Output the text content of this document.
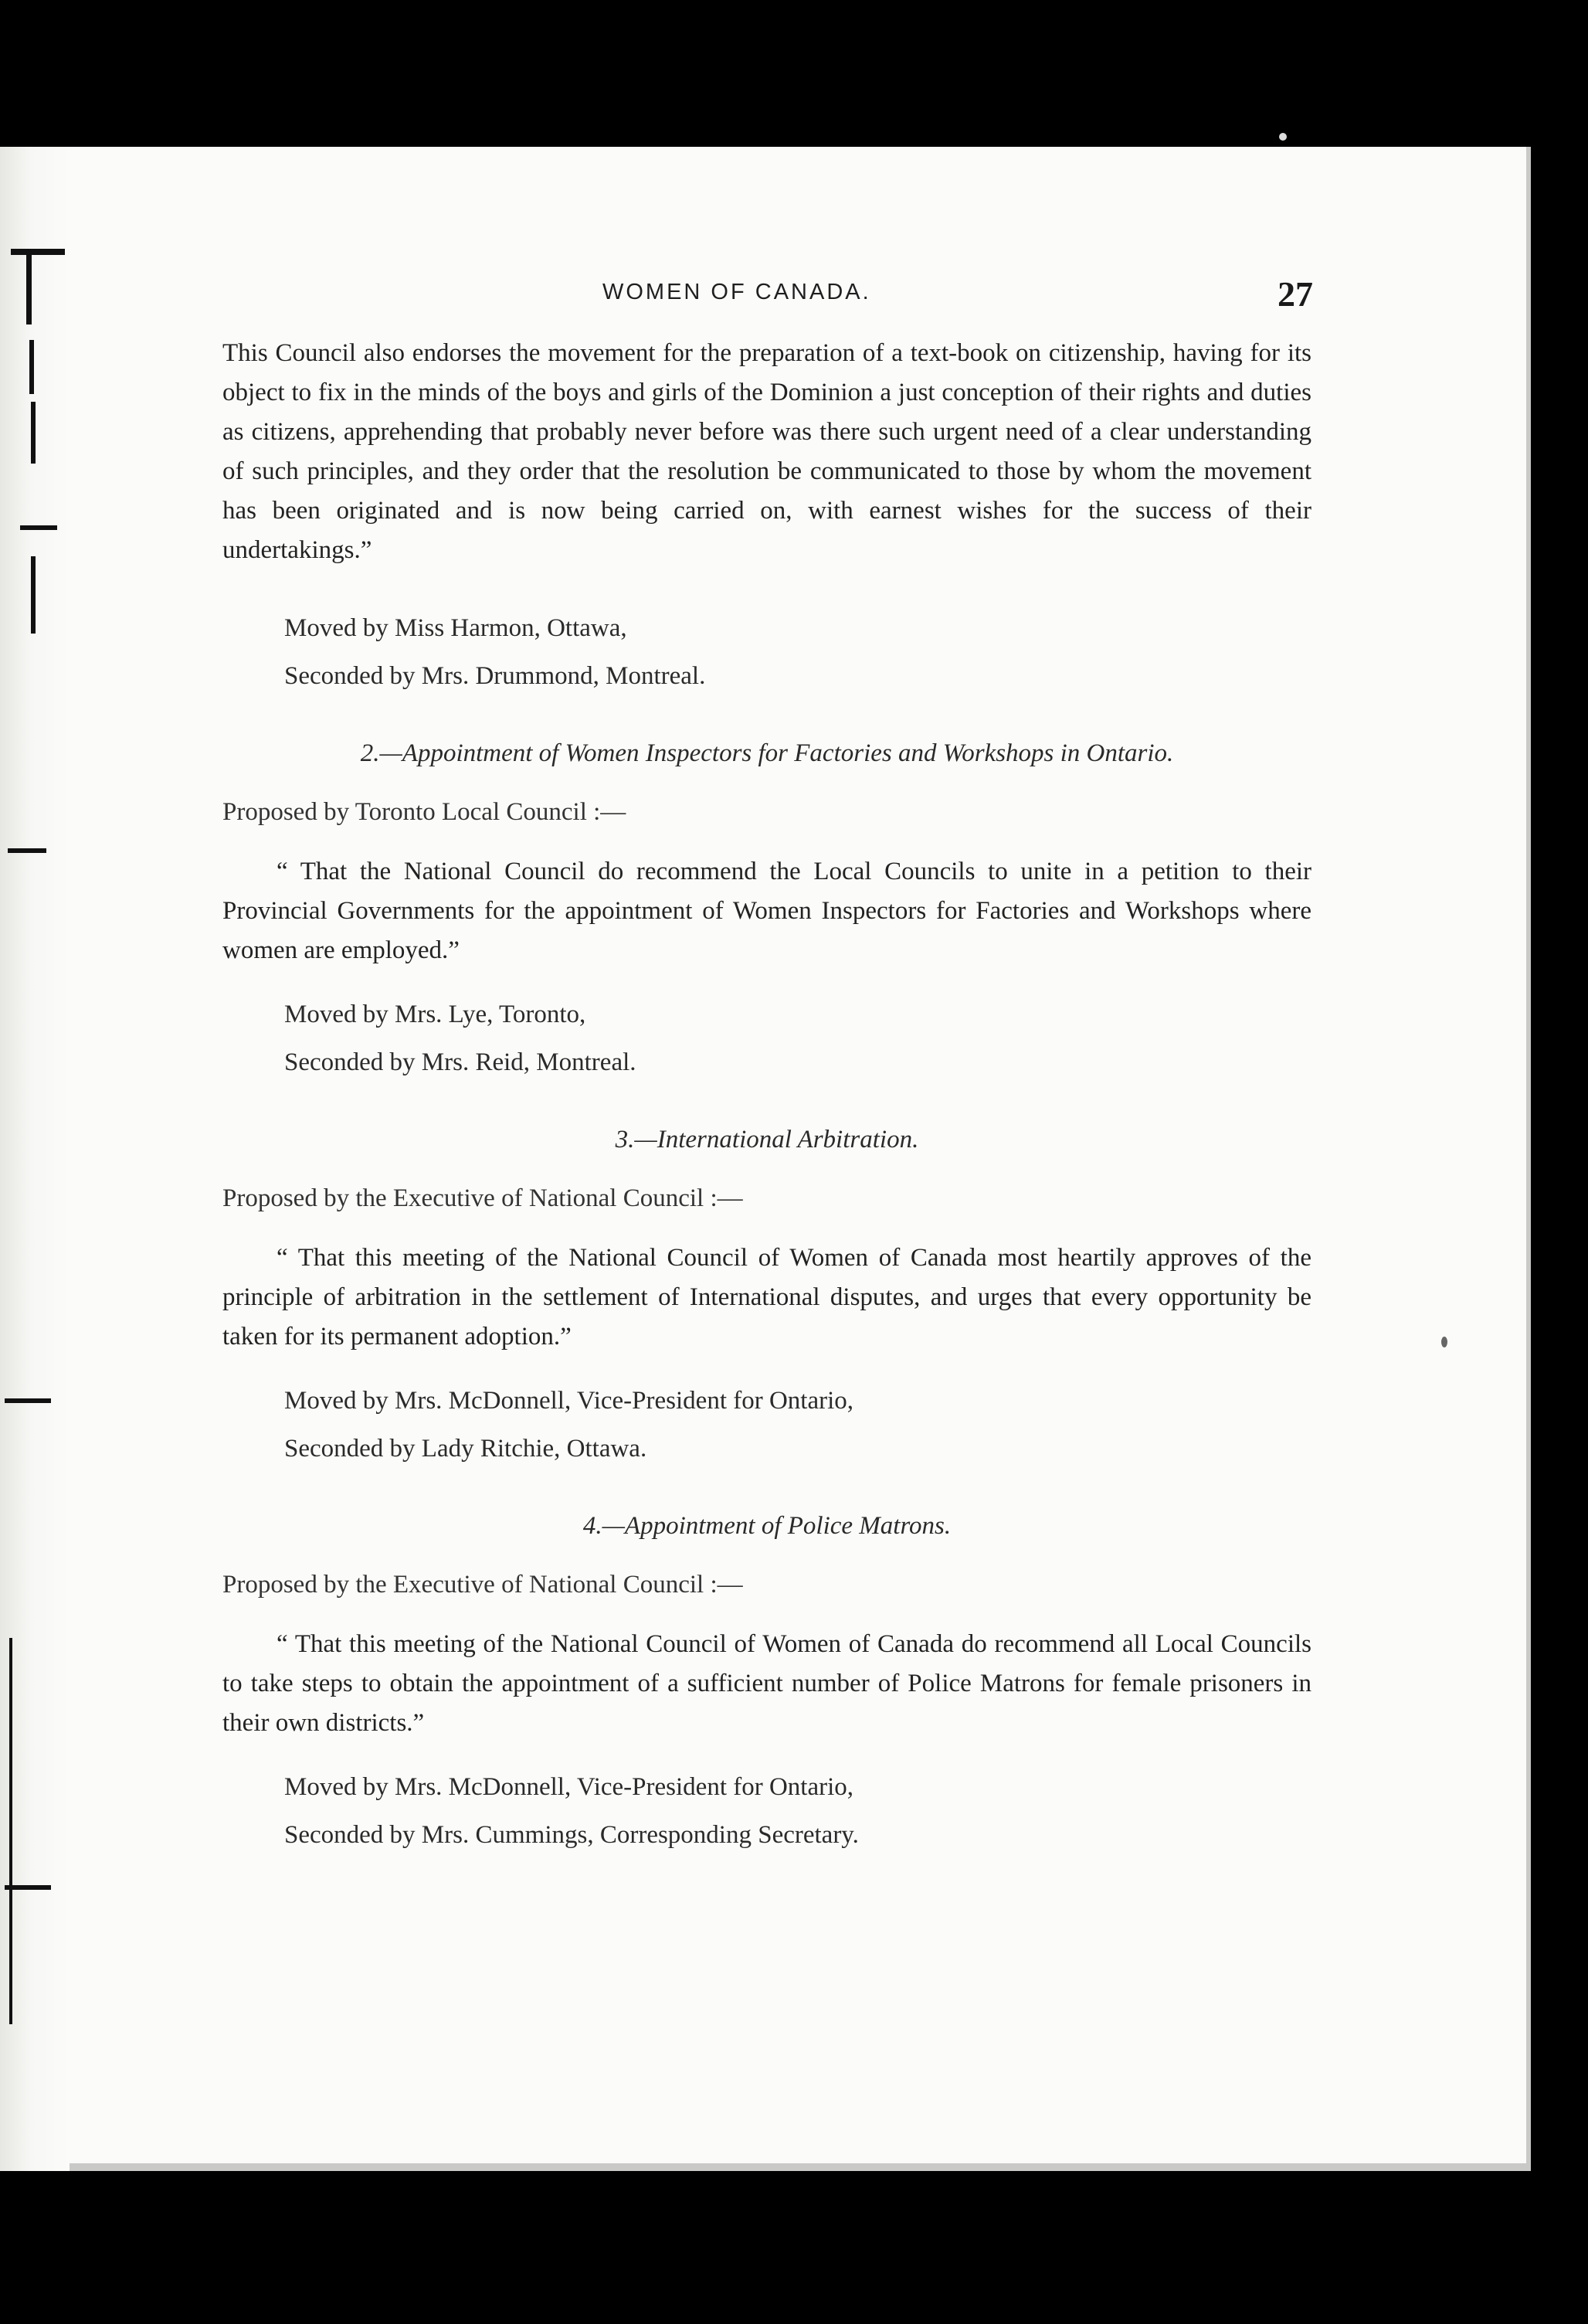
WOMEN OF CANADA.	27

This Council also endorses the movement for the preparation of a text-book on citizenship, having for its object to fix in the minds of the boys and girls of the Dominion a just conception of their rights and duties as citizens, apprehending that probably never before was there such urgent need of a clear understanding of such principles, and they order that the resolution be communicated to those by whom the movement has been originated and is now being carried on, with earnest wishes for the success of their undertakings.”

Moved by Miss Harmon, Ottawa,

Seconded by Mrs. Drummond, Montreal.

2.—Appointment of Women Inspectors for Factories and Workshops in Ontario.

Proposed by Toronto Local Council :—

“ That the National Council do recommend the Local Councils to unite in a petition to their Provincial Governments for the appointment of Women Inspectors for Factories and Workshops where women are employed.”

Moved by Mrs. Lye, Toronto,

Seconded by Mrs. Reid, Montreal.

3.—International Arbitration.

Proposed by the Executive of National Council :—

“ That this meeting of the National Council of Women of Canada most heartily approves of the principle of arbitration in the settlement of International disputes, and urges that every opportunity be taken for its permanent adoption.”

Moved by Mrs. McDonnell, Vice-President for Ontario,

Seconded by Lady Ritchie, Ottawa.

4.—Appointment of Police Matrons.

Proposed by the Executive of National Council :—

“ That this meeting of the National Council of Women of Canada do recommend all Local Councils to take steps to obtain the appointment of a sufficient number of Police Matrons for female prisoners in their own districts.”

Moved by Mrs. McDonnell, Vice-President for Ontario,

Seconded by Mrs. Cummings, Corresponding Secretary.
